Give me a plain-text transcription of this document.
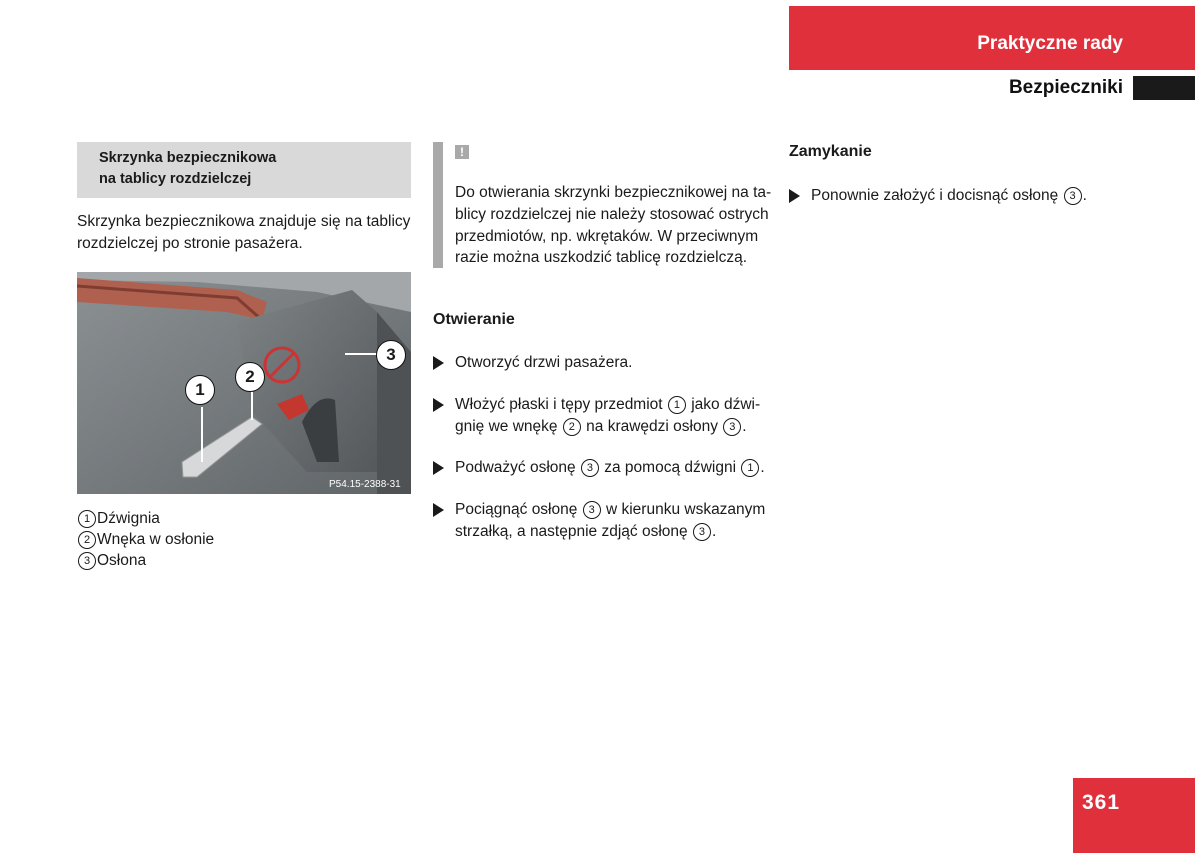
Praktyczne rady
Bezpieczniki
Skrzynka bezpiecznikowa
na tablicy rozdzielczej
Skrzynka bezpiecznikowa znajduje się na tablicy
rozdzielczej po stronie pasażera.
1
2
3
P54.15-2388-31
1 Dźwignia
2 Wnęka w osłonie
3 Osłona
!
Do otwierania skrzynki bezpiecznikowej na ta-
blicy rozdzielczej nie należy stosować ostrych
przedmiotów, np. wkrętaków. W przeciwnym
razie można uszkodzić tablicę rozdzielczą.
Otwieranie
Otworzyć drzwi pasażera.
Włożyć płaski i tępy przedmiot 1 jako dźwi-
gnię we wnękę 2 na krawędzi osłony 3 .
Podważyć osłonę 3 za pomocą dźwigni 1 .
Pociągnąć osłonę 3 w kierunku wskazanym
strzałką, a następnie zdjąć osłonę 3 .
Zamykanie
Ponownie założyć i docisnąć osłonę 3 .
361
